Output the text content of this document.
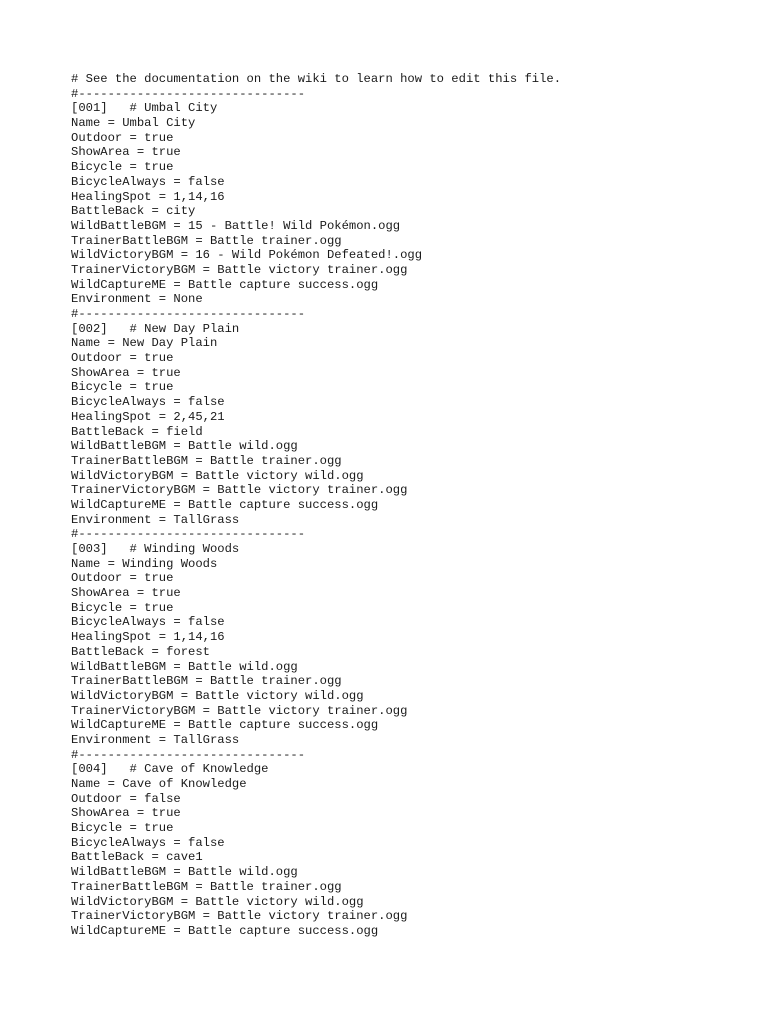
# See the documentation on the wiki to learn how to edit this file.
#-------------------------------
[001]   # Umbal City
Name = Umbal City
Outdoor = true
ShowArea = true
Bicycle = true
BicycleAlways = false
HealingSpot = 1,14,16
BattleBack = city
WildBattleBGM = 15 - Battle! Wild Pokémon.ogg
TrainerBattleBGM = Battle trainer.ogg
WildVictoryBGM = 16 - Wild Pokémon Defeated!.ogg
TrainerVictoryBGM = Battle victory trainer.ogg
WildCaptureME = Battle capture success.ogg
Environment = None
#-------------------------------
[002]   # New Day Plain
Name = New Day Plain
Outdoor = true
ShowArea = true
Bicycle = true
BicycleAlways = false
HealingSpot = 2,45,21
BattleBack = field
WildBattleBGM = Battle wild.ogg
TrainerBattleBGM = Battle trainer.ogg
WildVictoryBGM = Battle victory wild.ogg
TrainerVictoryBGM = Battle victory trainer.ogg
WildCaptureME = Battle capture success.ogg
Environment = TallGrass
#-------------------------------
[003]   # Winding Woods
Name = Winding Woods
Outdoor = true
ShowArea = true
Bicycle = true
BicycleAlways = false
HealingSpot = 1,14,16
BattleBack = forest
WildBattleBGM = Battle wild.ogg
TrainerBattleBGM = Battle trainer.ogg
WildVictoryBGM = Battle victory wild.ogg
TrainerVictoryBGM = Battle victory trainer.ogg
WildCaptureME = Battle capture success.ogg
Environment = TallGrass
#-------------------------------
[004]   # Cave of Knowledge
Name = Cave of Knowledge
Outdoor = false
ShowArea = true
Bicycle = true
BicycleAlways = false
BattleBack = cave1
WildBattleBGM = Battle wild.ogg
TrainerBattleBGM = Battle trainer.ogg
WildVictoryBGM = Battle victory wild.ogg
TrainerVictoryBGM = Battle victory trainer.ogg
WildCaptureME = Battle capture success.ogg
